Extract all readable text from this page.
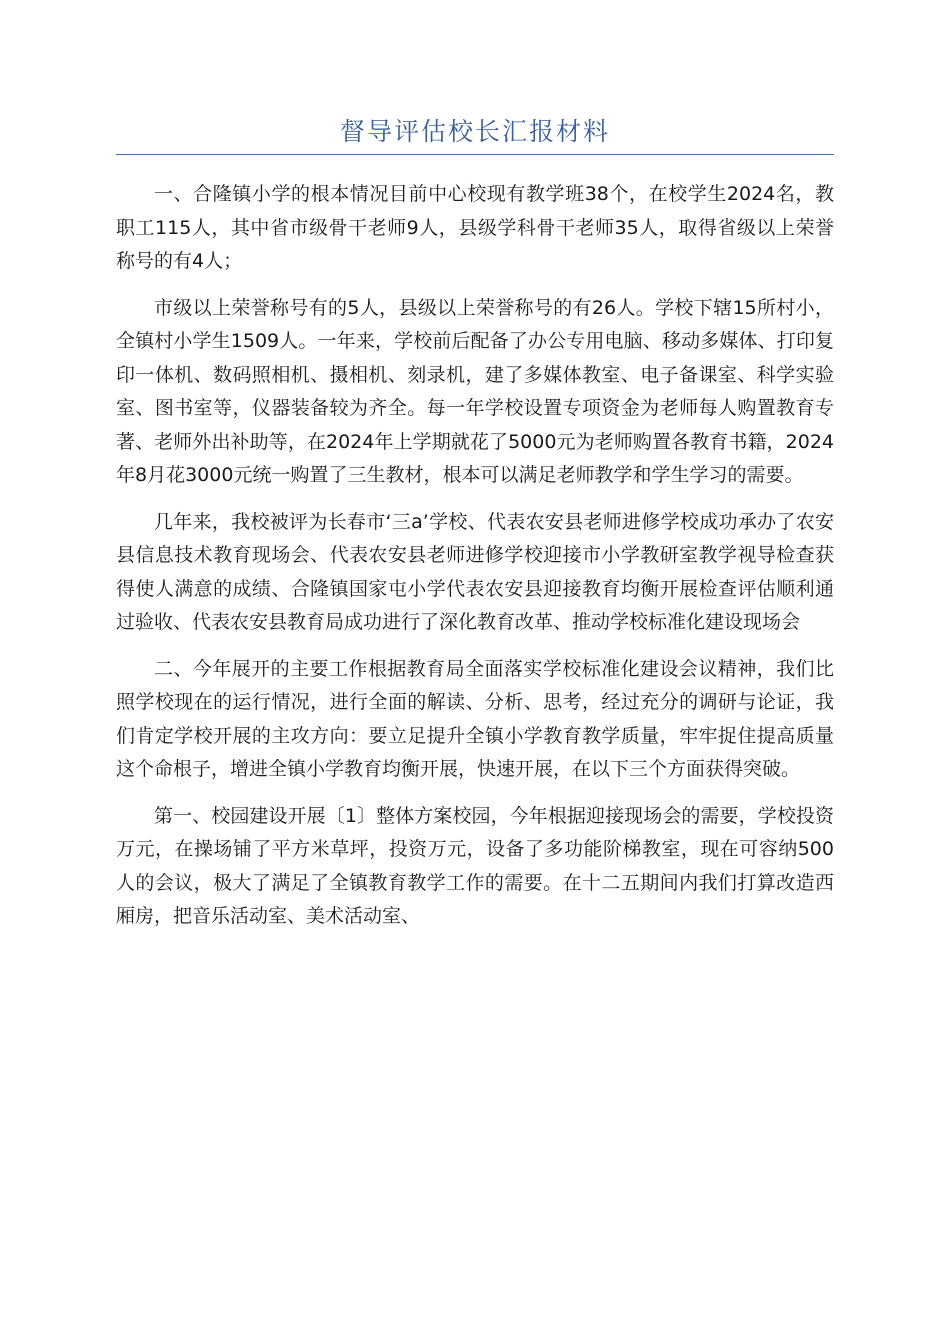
督导评估校长汇报材料

一、合隆镇小学的根本情况目前中心校现有教学班38个，在校学生2024名，教职工115人，其中省市级骨干老师9人，县级学科骨干老师35人，取得省级以上荣誉称号的有4人；

市级以上荣誉称号有的5人，县级以上荣誉称号的有26人。学校下辖15所村小，全镇村小学生1509人。一年来，学校前后配备了办公专用电脑、移动多媒体、打印复印一体机、数码照相机、摄相机、刻录机，建了多媒体教室、电子备课室、科学实验室、图书室等，仪器装备较为齐全。每一年学校设置专项资金为老师每人购置教育专著、老师外出补助等，在2024年上学期就花了5000元为老师购置各教育书籍，2024年8月花3000元统一购置了三生教材，根本可以满足老师教学和学生学习的需要。

几年来，我校被评为长春市‘三a’学校、代表农安县老师进修学校成功承办了农安县信息技术教育现场会、代表农安县老师进修学校迎接市小学教研室教学视导检查获得使人满意的成绩、合隆镇国家屯小学代表农安县迎接教育均衡开展检查评估顺利通过验收、代表农安县教育局成功进行了深化教育改革、推动学校标准化建设现场会

二、今年展开的主要工作根据教育局全面落实学校标准化建设会议精神，我们比照学校现在的运行情况，进行全面的解读、分析、思考，经过充分的调研与论证，我们肯定学校开展的主攻方向：要立足提升全镇小学教育教学质量，牢牢捉住提高质量这个命根子，增进全镇小学教育均衡开展，快速开展，在以下三个方面获得突破。

第一、校园建设开展〔1〕整体方案校园，今年根据迎接现场会的需要，学校投资万元，在操场铺了平方米草坪，投资万元，设备了多功能阶梯教室，现在可容纳500人的会议，极大了满足了全镇教育教学工作的需要。在十二五期间内我们打算改造西厢房，把音乐活动室、美术活动室、
